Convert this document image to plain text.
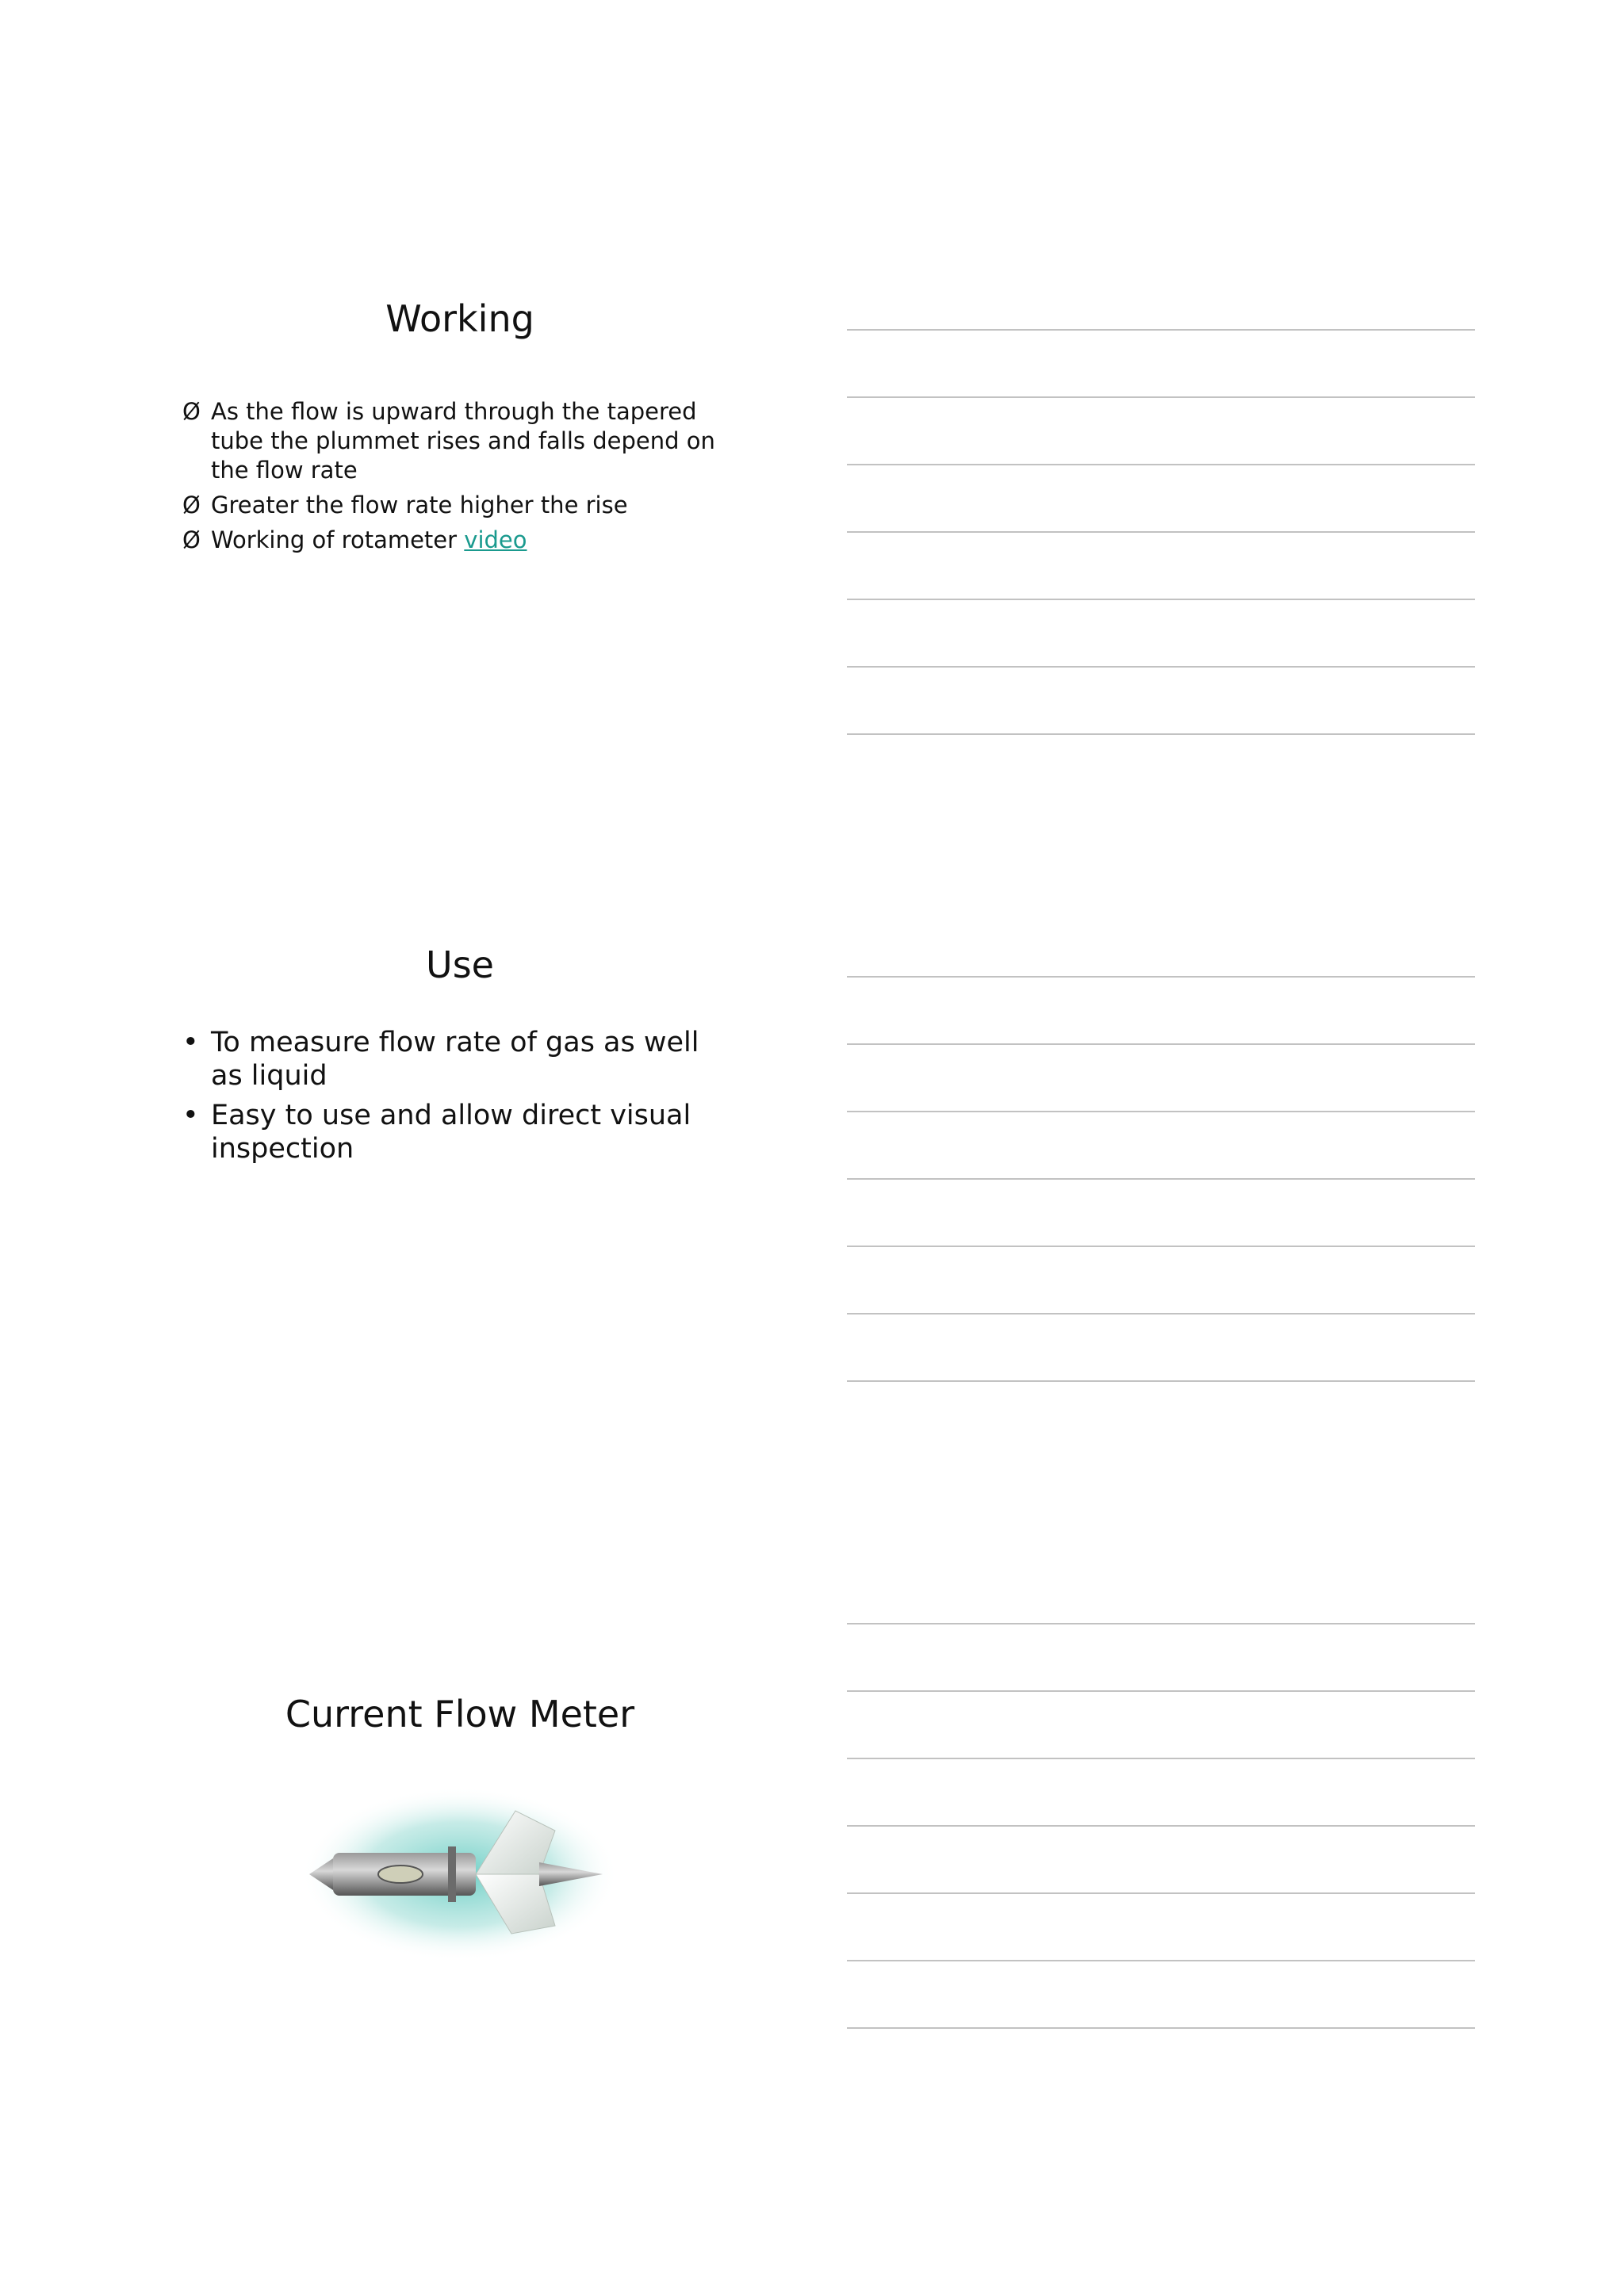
Working
Ø As the flow is upward through the tapered tube the plummet rises and falls depend on the flow rate
Ø Greater the flow rate higher the rise
Ø Working of rotameter video
Use
• To measure flow rate of gas as well as liquid
• Easy to use and allow direct visual inspection
Current Flow Meter
